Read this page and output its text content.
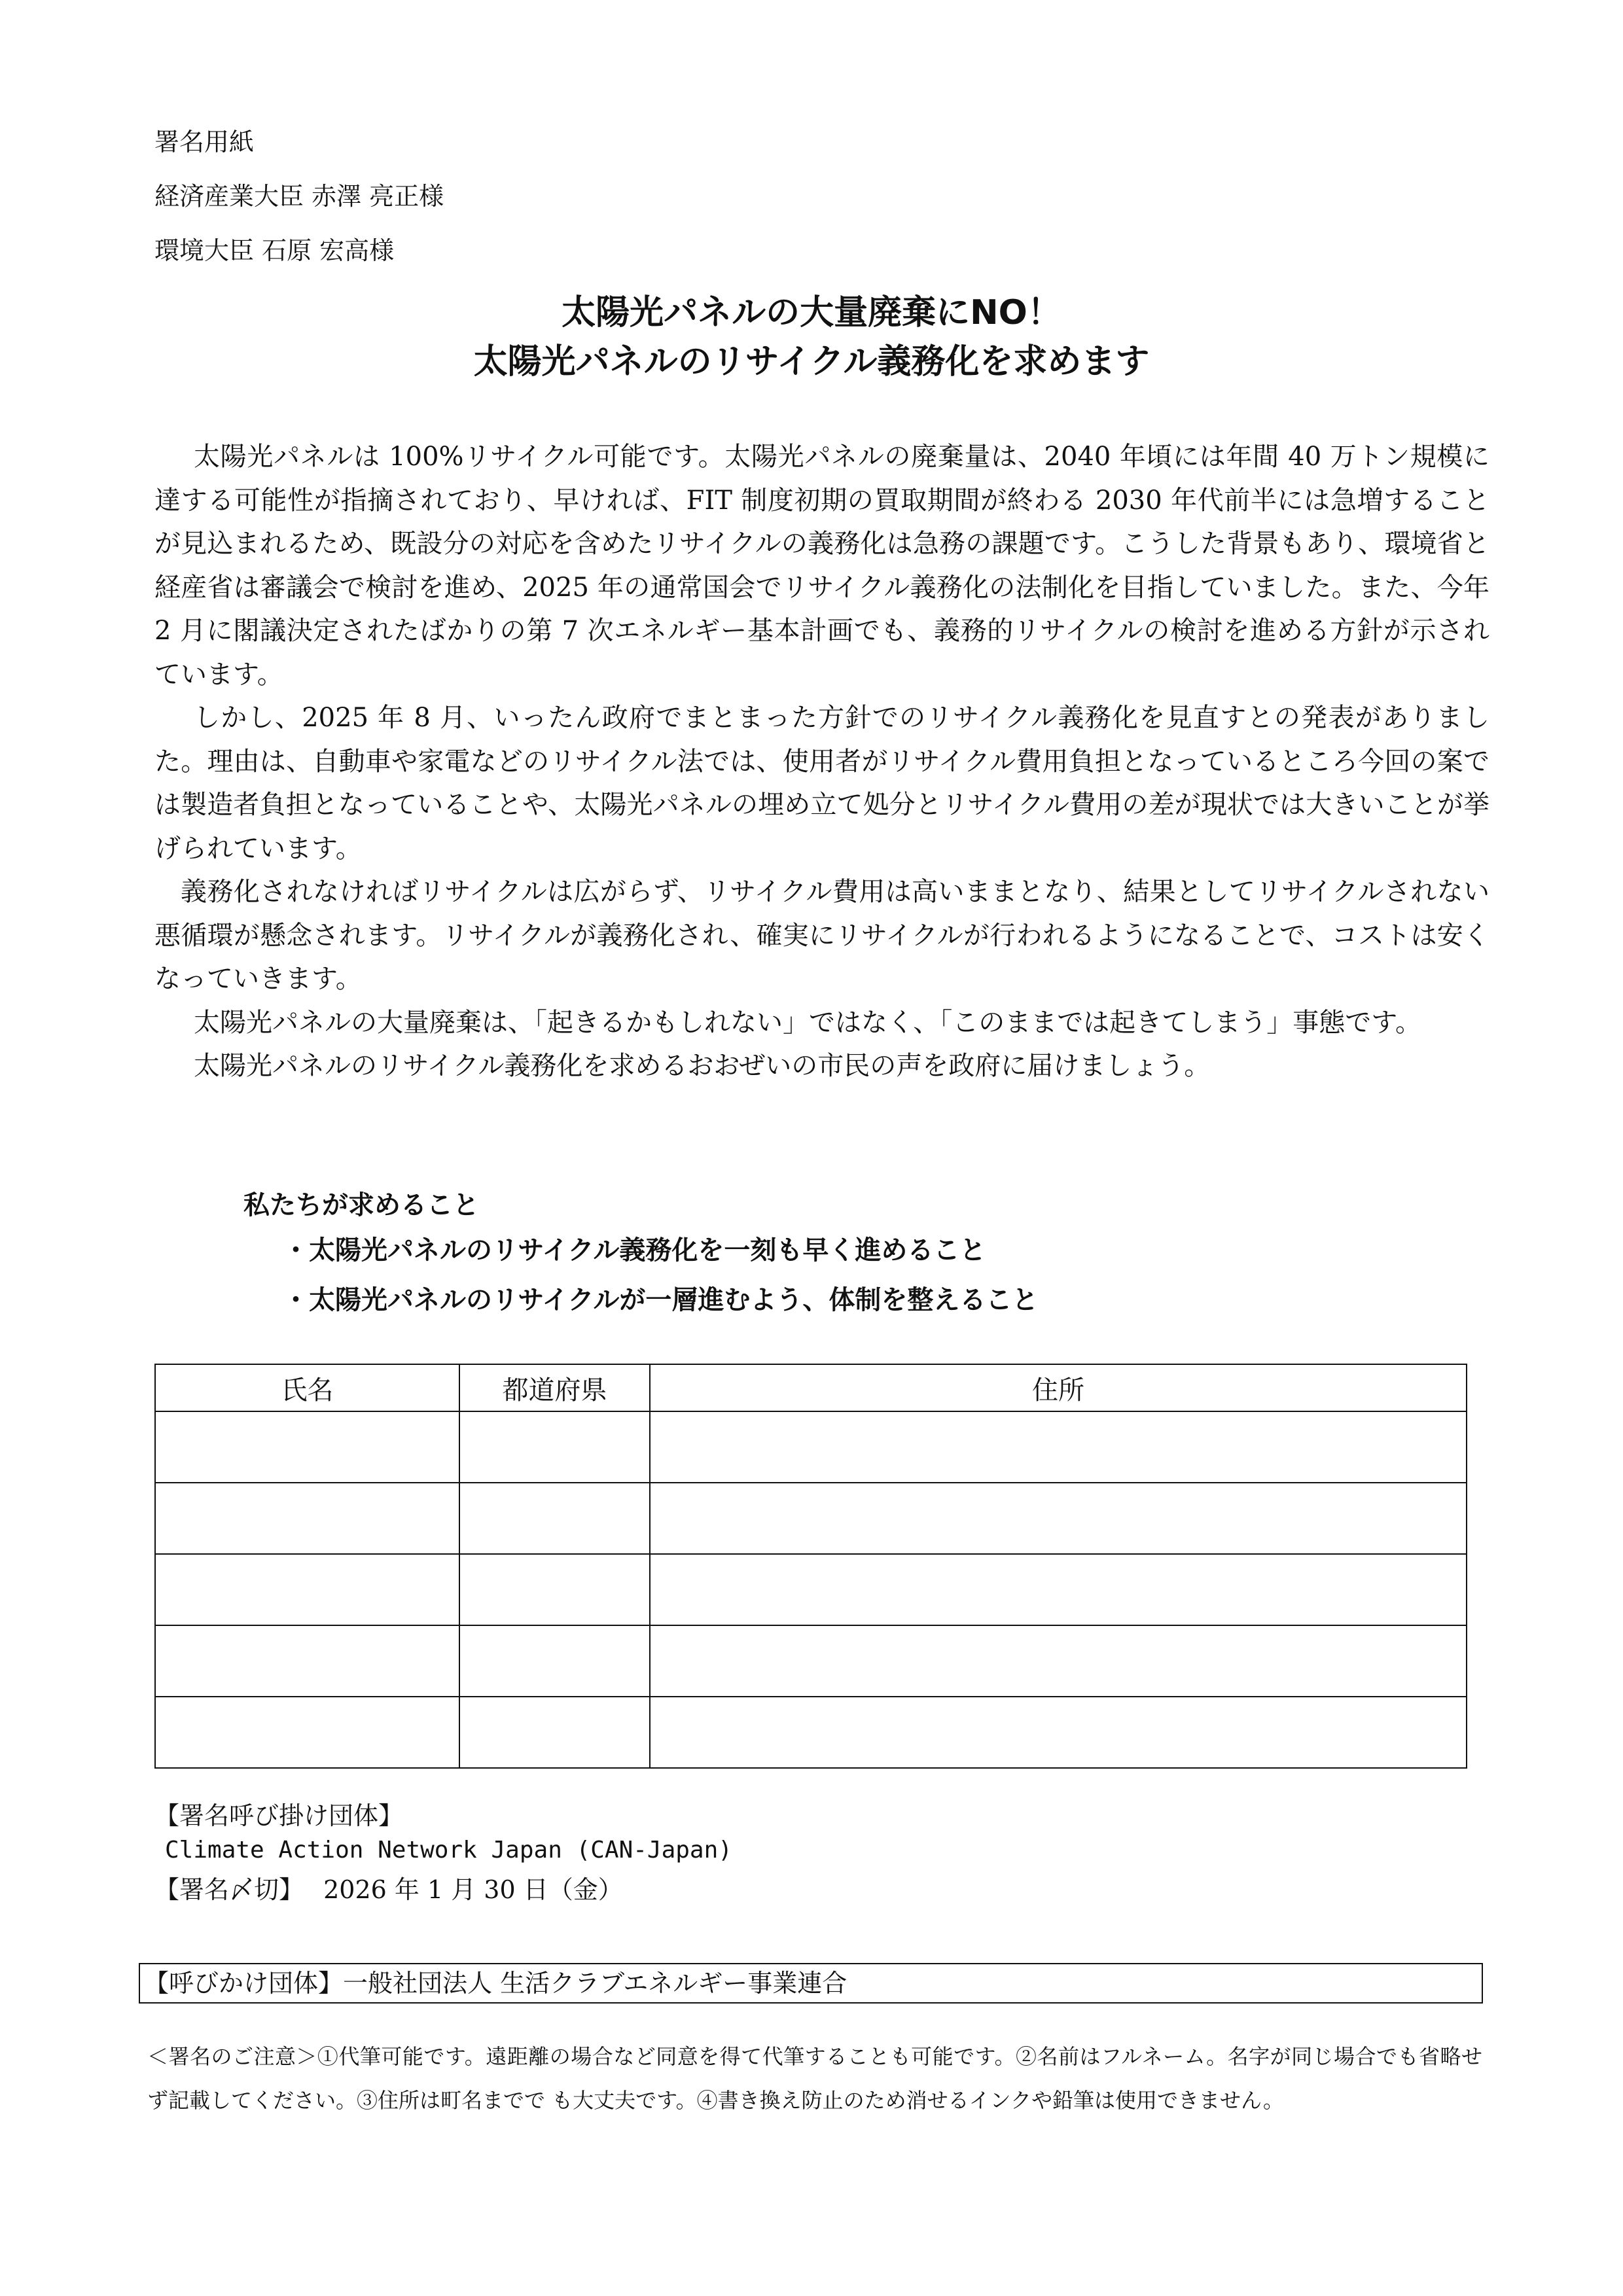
署名用紙
経済産業大臣 赤澤 亮正様
環境大臣 石原 宏高様
太陽光パネルの大量廃棄にNO！
太陽光パネルのリサイクル義務化を求めます

太陽光パネルは 100%リサイクル可能です。太陽光パネルの廃棄量は、2040 年頃には年間 40 万トン規模に達する可能性が指摘されており、早ければ、FIT 制度初期の買取期間が終わる 2030 年代前半には急増することが見込まれるため、既設分の対応を含めたリサイクルの義務化は急務の課題です。こうした背景もあり、環境省と経産省は審議会で検討を進め、2025 年の通常国会でリサイクル義務化の法制化を目指していました。また、今年 2 月に閣議決定されたばかりの第 7 次エネルギー基本計画でも、義務的リサイクルの検討を進める方針が示されています。

しかし、2025 年 8 月、いったん政府でまとまった方針でのリサイクル義務化を見直すとの発表がありました。理由は、自動車や家電などのリサイクル法では、使用者がリサイクル費用負担となっているところ今回の案では製造者負担となっていることや、太陽光パネルの埋め立て処分とリサイクル費用の差が現状では大きいことが挙げられています。

義務化されなければリサイクルは広がらず、リサイクル費用は高いままとなり、結果としてリサイクルされない悪循環が懸念されます。リサイクルが義務化され、確実にリサイクルが行われるようになることで、コストは安くなっていきます。

太陽光パネルの大量廃棄は、「起きるかもしれない」ではなく、「このままでは起きてしまう」事態です。

太陽光パネルのリサイクル義務化を求めるおおぜいの市民の声を政府に届けましょう。

私たちが求めること
・太陽光パネルのリサイクル義務化を一刻も早く進めること
・太陽光パネルのリサイクルが一層進むよう、体制を整えること
氏名	都道府県	住所

【署名呼び掛け団体】
Climate Action Network Japan (CAN-Japan)
【署名〆切】 2026 年 1 月 30 日（金）
【呼びかけ団体】一般社団法人 生活クラブエネルギー事業連合
＜署名のご注意＞①代筆可能です。遠距離の場合など同意を得て代筆することも可能です。②名前はフルネーム。名字が同じ場合でも省略せず記載してください。③住所は町名までで も大丈夫です。④書き換え防止のため消せるインクや鉛筆は使用できません。
